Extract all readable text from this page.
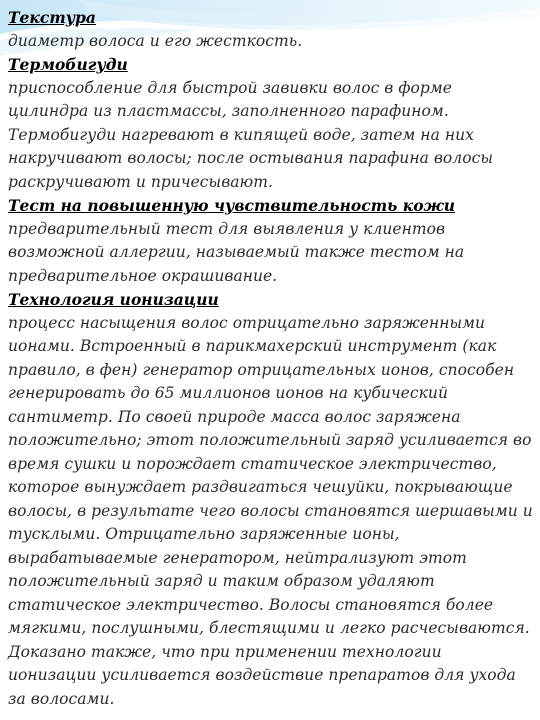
Текстура

диаметр волоса и его жесткость.

Термобигуди

приспособление для быстрой завивки волос в форме цилиндра из пластмассы, заполненного парафином. Термобигуди нагревают в кипящей воде, затем на них накручивают волосы; после остывания парафина волосы раскручивают и причесывают.

Тест на повышенную чувствительность кожи

предварительный тест для выявления у клиентов возможной аллергии, называемый также тестом на предварительное окрашивание.

Технология ионизации

процесс насыщения волос отрицательно заряженными ионами. Встроенный в парикмахерский инструмент (как правило, в фен) генератор отрицательных ионов, способен генерировать до 65 миллионов ионов на кубический сантиметр. По своей природе масса волос заряжена положительно; этот положительный заряд усиливается во время сушки и порождает статическое электричество, которое вынуждает раздвигаться чешуйки, покрывающие волосы, в результате чего волосы становятся шершавыми и тусклыми. Отрицательно заряженные ионы, вырабатываемые генератором, нейтрализуют этот положительный заряд и таким образом удаляют статическое электричество. Волосы становятся более мягкими, послушными, блестящими и легко расчесываются. Доказано также, что при применении технологии ионизации усиливается воздействие препаратов для ухода за волосами.
